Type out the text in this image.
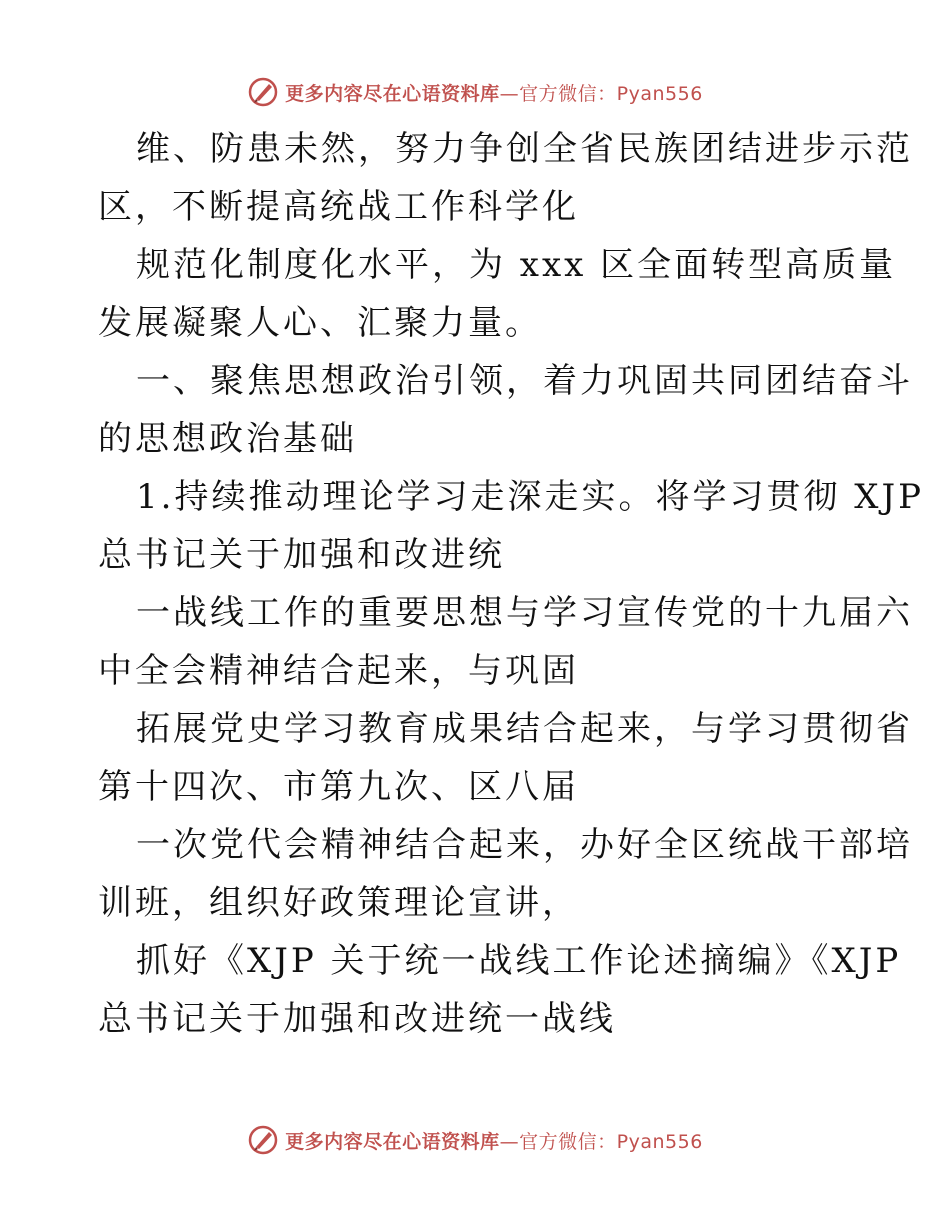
更多内容尽在心语资料库—官方微信：Pyan556
维、防患未然，努力争创全省民族团结进步示范
区，不断提高统战工作科学化
规范化制度化水平，为 xxx 区全面转型高质量
发展凝聚人心、汇聚力量。
一、聚焦思想政治引领，着力巩固共同团结奋斗
的思想政治基础
1.持续推动理论学习走深走实。将学习贯彻 XJP
总书记关于加强和改进统
一战线工作的重要思想与学习宣传党的十九届六
中全会精神结合起来，与巩固
拓展党史学习教育成果结合起来，与学习贯彻省
第十四次、市第九次、区八届
一次党代会精神结合起来，办好全区统战干部培
训班，组织好政策理论宣讲，
抓好《XJP 关于统一战线工作论述摘编》《XJP
总书记关于加强和改进统一战线
更多内容尽在心语资料库—官方微信：Pyan556
